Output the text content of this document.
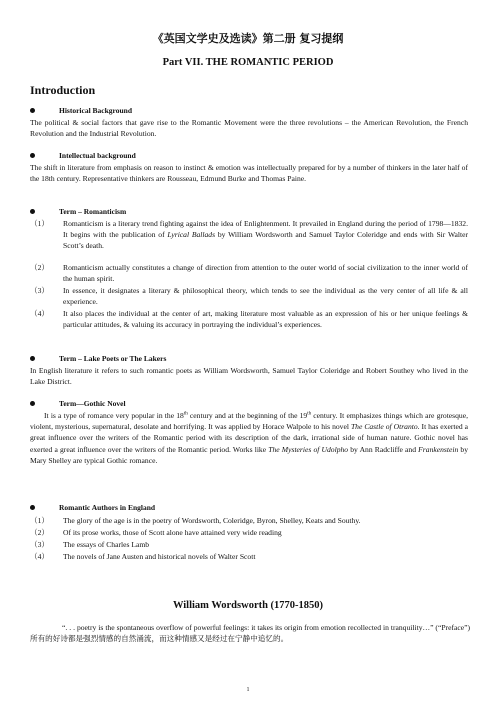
《英国文学史及选读》第二册 复习提纲
Part VII. THE ROMANTIC PERIOD
Introduction
Historical Background
The political & social factors that gave rise to the Romantic Movement were the three revolutions – the American Revolution, the French Revolution and the Industrial Revolution.
Intellectual background
The shift in literature from emphasis on reason to instinct & emotion was intellectually prepared for by a number of thinkers in the later half of the 18th century. Representative thinkers are Rousseau, Edmund Burke and Thomas Paine.
Term – Romanticism
（1）	Romanticism is a literary trend fighting against the idea of Enlightenment. It prevailed in England during the period of 1798—1832. It begins with the publication of Lyrical Ballads by William Wordsworth and Samuel Taylor Coleridge and ends with Sir Walter Scott’s death.
（2）	Romanticism actually constitutes a change of direction from attention to the outer world of social civilization to the inner world of the human spirit.
（3）	In essence, it designates a literary & philosophical theory, which tends to see the individual as the very center of all life & all experience.
（4）	It also places the individual at the center of art, making literature most valuable as an expression of his or her unique feelings & particular attitudes, & valuing its accuracy in portraying the individual’s experiences.
Term – Lake Poets or The Lakers
In English literature it refers to such romantic poets as William Wordsworth, Samuel Taylor Coleridge and Robert Southey who lived in the Lake District.
Term—Gothic Novel
It is a type of romance very popular in the 18th century and at the beginning of the 19th century. It emphasizes things which are grotesque, violent, mysterious, supernatural, desolate and horrifying. It was applied by Horace Walpole to his novel The Castle of Otranto. It has exerted a great influence over the writers of the Romantic period with its description of the dark, irrational side of human nature. Gothic novel has exerted a great influence over the writers of the Romantic period. Works like The Mysteries of Udolpho by Ann Radcliffe and Frankenstein by Mary Shelley are typical Gothic romance.
Romantic Authors in England
（1）	The glory of the age is in the poetry of Wordsworth, Coleridge, Byron, Shelley, Keats and Southy.
（2）	Of its prose works, those of Scott alone have attained very wide reading
（3）	The essays of Charles Lamb
（4）	The novels of Jane Austen and historical novels of Walter Scott
William Wordsworth (1770-1850)
“. . . poetry is the spontaneous overflow of powerful feelings: it takes its origin from emotion recollected in tranquility…” (“Preface”) 所有的好诗都是强烈情感的自然涌流，而这种情感又是经过在宁静中追忆的。
1
